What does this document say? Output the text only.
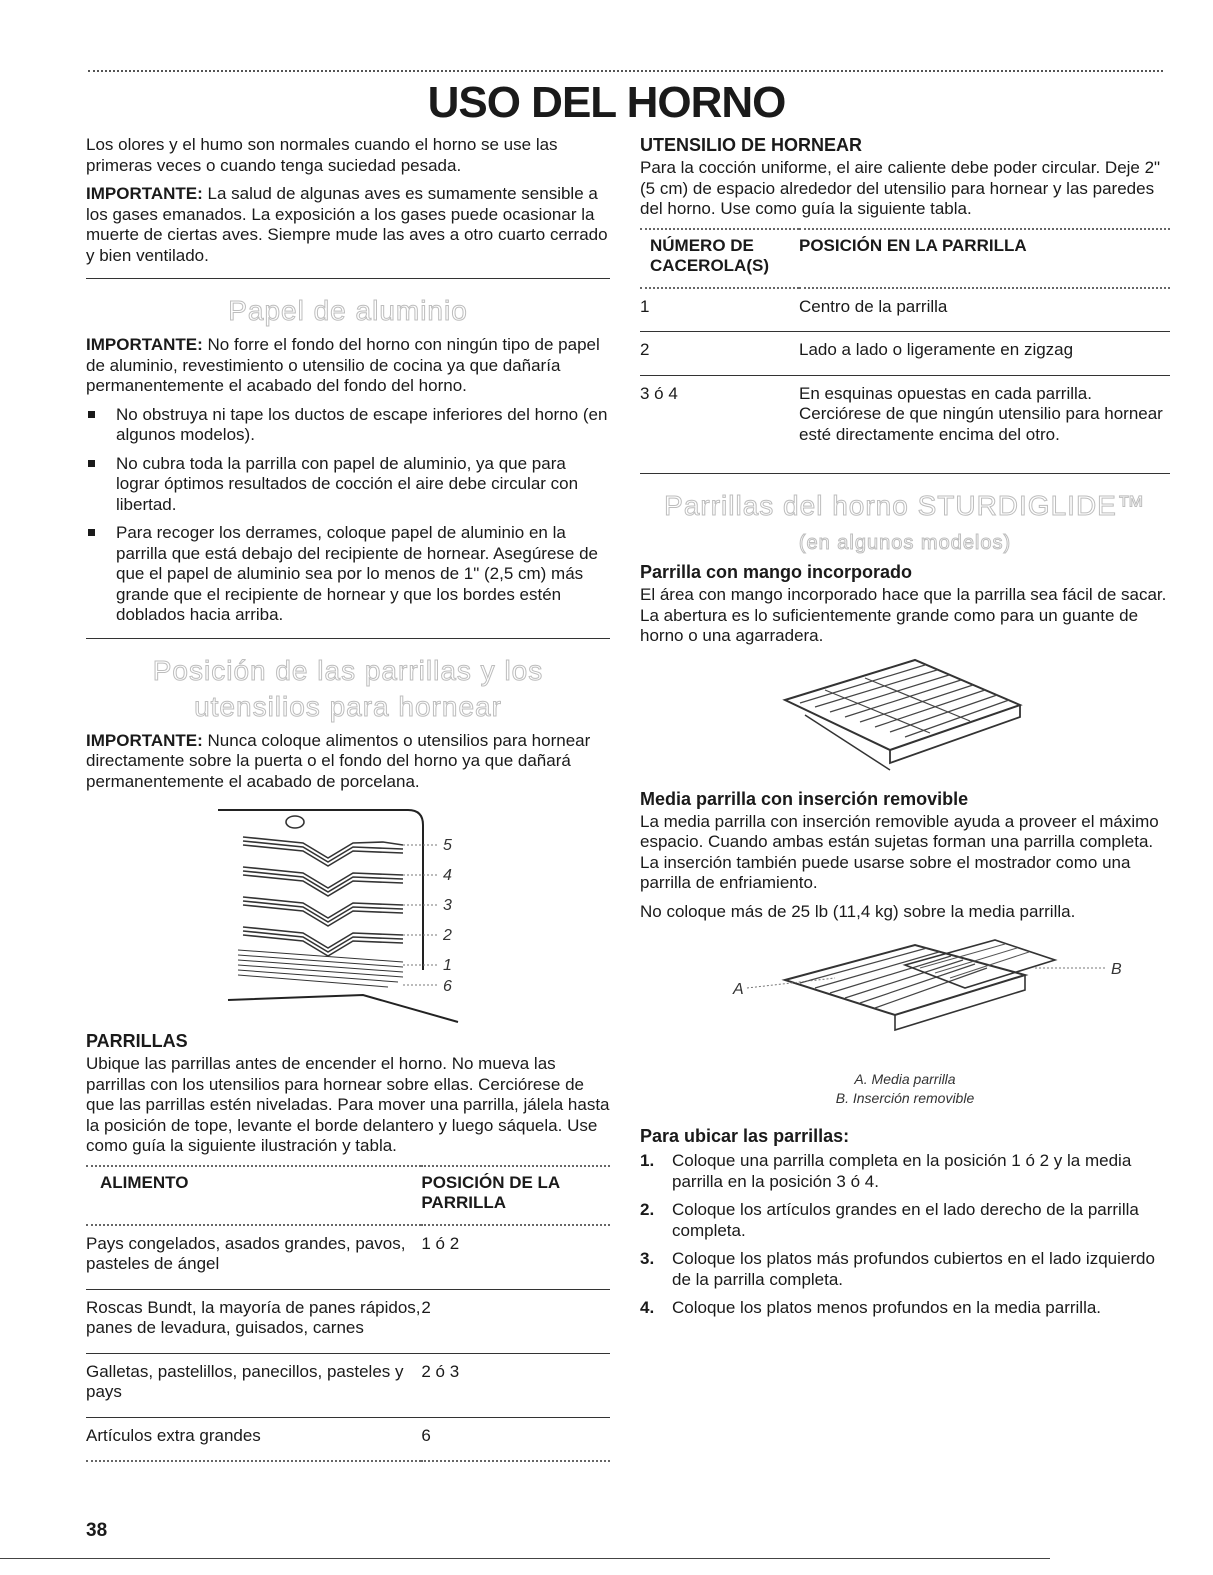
USO DEL HORNO

Los olores y el humo son normales cuando el horno se use las primeras veces o cuando tenga suciedad pesada.

IMPORTANTE: La salud de algunas aves es sumamente sensible a los gases emanados. La exposición a los gases puede ocasionar la muerte de ciertas aves. Siempre mude las aves a otro cuarto cerrado y bien ventilado.

Papel de aluminio

IMPORTANTE: No forre el fondo del horno con ningún tipo de papel de aluminio, revestimiento o utensilio de cocina ya que dañaría permanentemente el acabado del fondo del horno.

No obstruya ni tape los ductos de escape inferiores del horno (en algunos modelos).
No cubra toda la parrilla con papel de aluminio, ya que para lograr óptimos resultados de cocción el aire debe circular con libertad.
Para recoger los derrames, coloque papel de aluminio en la parrilla que está debajo del recipiente de hornear. Asegúrese de que el papel de aluminio sea por lo menos de 1" (2,5 cm) más grande que el recipiente de hornear y que los bordes estén doblados hacia arriba.
Posición de las parrillas y los utensilios para hornear

IMPORTANTE: Nunca coloque alimentos o utensilios para hornear directamente sobre la puerta o el fondo del horno ya que dañará permanentemente el acabado de porcelana.

5
4
3
2
1
6
PARRILLAS

Ubique las parrillas antes de encender el horno. No mueva las parrillas con los utensilios para hornear sobre ellas. Cerciórese de que las parrillas estén niveladas. Para mover una parrilla, jálela hasta la posición de tope, levante el borde delantero y luego sáquela. Use como guía la siguiente ilustración y tabla.

ALIMENTO	POSICIÓN DE LA PARRILLA
Pays congelados, asados grandes, pavos, pasteles de ángel	1 ó 2
Roscas Bundt, la mayoría de panes rápidos, panes de levadura, guisados, carnes	2
Galletas, pastelillos, panecillos, pasteles y pays	2 ó 3
Artículos extra grandes	6
UTENSILIO DE HORNEAR

Para la cocción uniforme, el aire caliente debe poder circular. Deje 2" (5 cm) de espacio alrededor del utensilio para hornear y las paredes del horno. Use como guía la siguiente tabla.

NÚMERO DE CACEROLA(S)	POSICIÓN EN LA PARRILLA
1	Centro de la parrilla
2	Lado a lado o ligeramente en zigzag
3 ó 4	En esquinas opuestas en cada parrilla. Cerciórese de que ningún utensilio para hornear esté directamente encima del otro.
Parrillas del horno STURDIGLIDE™
(en algunos modelos)
Parrilla con mango incorporado

El área con mango incorporado hace que la parrilla sea fácil de sacar. La abertura es lo suficientemente grande como para un guante de horno o una agarradera.

Media parrilla con inserción removible

La media parrilla con inserción removible ayuda a proveer el máximo espacio. Cuando ambas están sujetas forman una parrilla completa. La inserción también puede usarse sobre el mostrador como una parrilla de enfriamiento.

No coloque más de 25 lb (11,4 kg) sobre la media parrilla.

A
B
A. Media parrilla
B. Inserción removible
Para ubicar las parrillas:
1. Coloque una parrilla completa en la posición 1 ó 2 y la media parrilla en la posición 3 ó 4.
2. Coloque los artículos grandes en el lado derecho de la parrilla completa.
3. Coloque los platos más profundos cubiertos en el lado izquierdo de la parrilla completa.
4. Coloque los platos menos profundos en la media parrilla.
38
